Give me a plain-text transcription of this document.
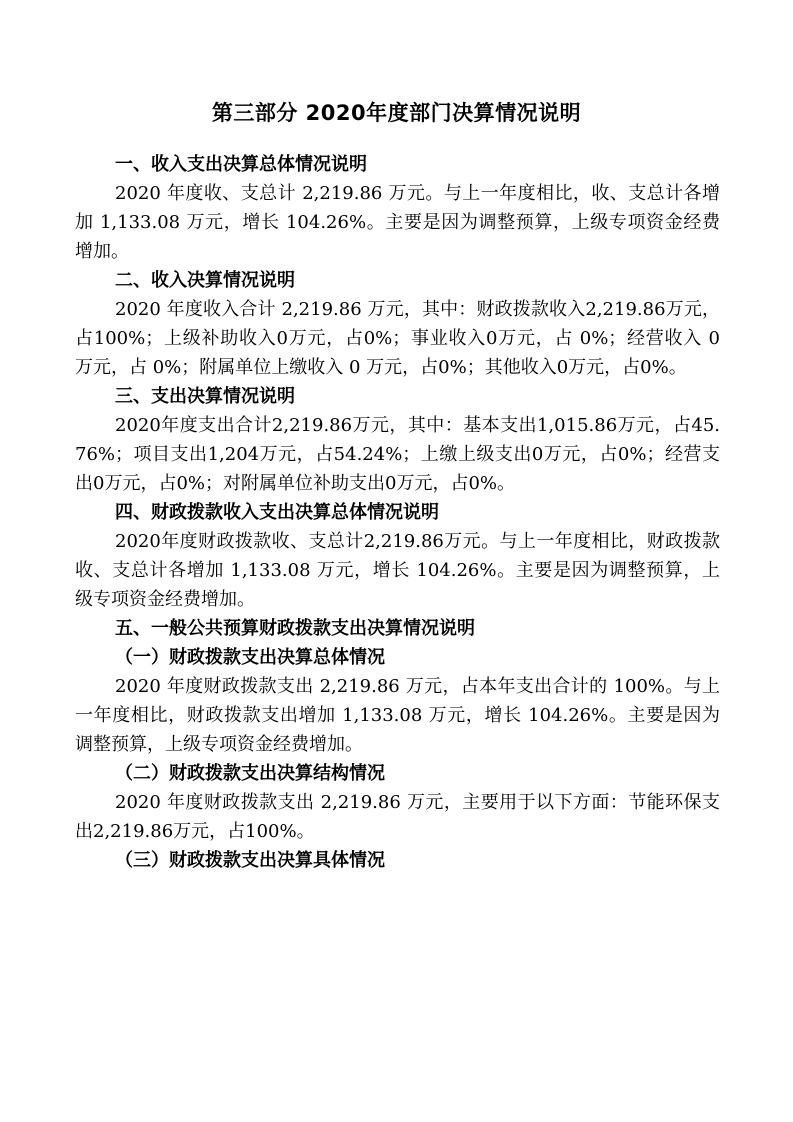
第三部分 2020年度部门决算情况说明
一、收入支出决算总体情况说明
2020 年度收、支总计 2,219.86 万元。与上一年度相比，收、支总计各增加 1,133.08 万元，增长 104.26%。主要是因为调整预算，上级专项资金经费增加。
二、收入决算情况说明
2020 年度收入合计 2,219.86 万元，其中：财政拨款收入2,219.86万元，占100%；上级补助收入0万元，占0%；事业收入0万元，占 0%；经营收入 0 万元，占 0%；附属单位上缴收入 0 万元，占0%；其他收入0万元，占0%。
三、支出决算情况说明
2020年度支出合计2,219.86万元，其中：基本支出1,015.86万元，占45.76%；项目支出1,204万元，占54.24%；上缴上级支出0万元，占0%；经营支出0万元，占0%；对附属单位补助支出0万元，占0%。
四、财政拨款收入支出决算总体情况说明
2020年度财政拨款收、支总计2,219.86万元。与上一年度相比，财政拨款收、支总计各增加 1,133.08 万元，增长 104.26%。主要是因为调整预算，上级专项资金经费增加。
五、一般公共预算财政拨款支出决算情况说明
（一）财政拨款支出决算总体情况
2020 年度财政拨款支出 2,219.86 万元，占本年支出合计的 100%。与上一年度相比，财政拨款支出增加 1,133.08 万元，增长 104.26%。主要是因为调整预算，上级专项资金经费增加。
（二）财政拨款支出决算结构情况
2020 年度财政拨款支出 2,219.86 万元，主要用于以下方面：节能环保支出2,219.86万元，占100%。
（三）财政拨款支出决算具体情况
